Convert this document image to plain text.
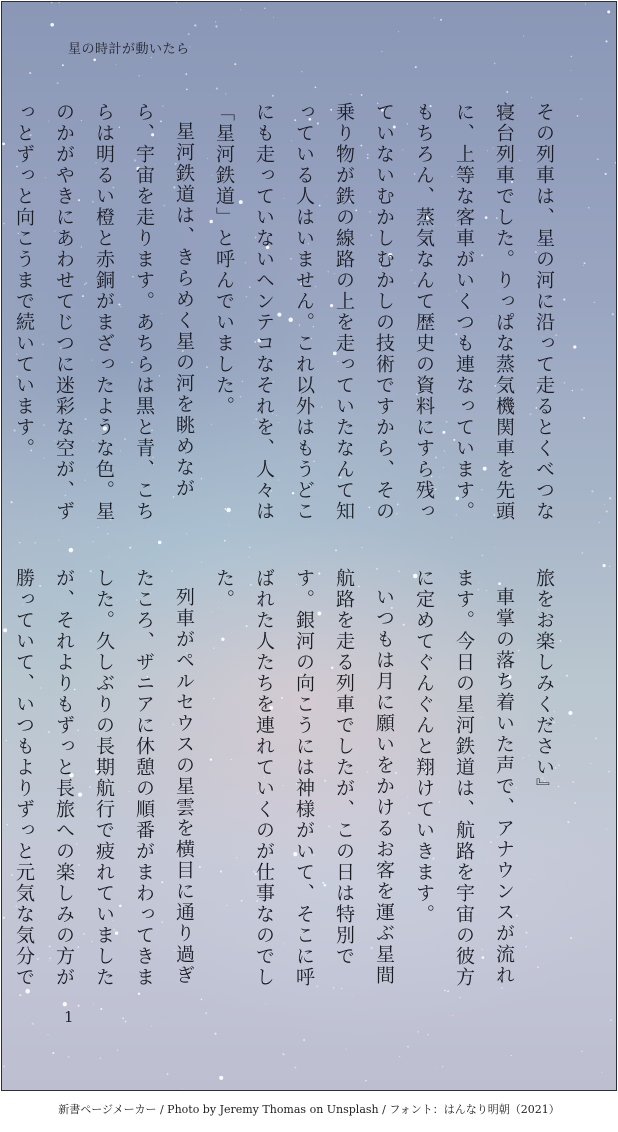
星の時計が動いたら

その列車は、星の河に沿って走るとくべつな寝台列車でした。りっぱな蒸気機関車を先頭に、上等な客車がいくつも連なっています。もちろん、蒸気なんて歴史の資料にすら残っていないむかしむかしの技術ですから、その乗り物が鉄の線路の上を走っていたなんて知っている人はいません。これ以外はもうどこにも走っていないヘンテコなそれを、人々は「星河鉄道」と呼んでいました。

星河鉄道は、きらめく星の河を眺めながら、宇宙を走ります。あちらは黒と青、こちらは明るい橙と赤銅がまざったような色。星のかがやきにあわせてじつに迷彩な空が、ずっとずっと向こうまで続いています。

旅をお楽しみください』

車掌の落ち着いた声で、アナウンスが流れます。今日の星河鉄道は、航路を宇宙の彼方に定めてぐんぐんと翔けていきます。

いつもは月に願いをかけるお客を運ぶ星間航路を走る列車でしたが、この日は特別です。銀河の向こうには神様がいて、そこに呼ばれた人たちを連れていくのが仕事なのでした。

列車がペルセウスの星雲を横目に通り過ぎたころ、ザニアに休憩の順番がまわってきました。久しぶりの長期航行で疲れていましたが、それよりもずっと長旅への楽しみの方が勝っていて、いつもよりずっと元気な気分で

1
新書ページメーカー / Photo by Jeremy Thomas on Unsplash / フォント：はんなり明朝（2021）
